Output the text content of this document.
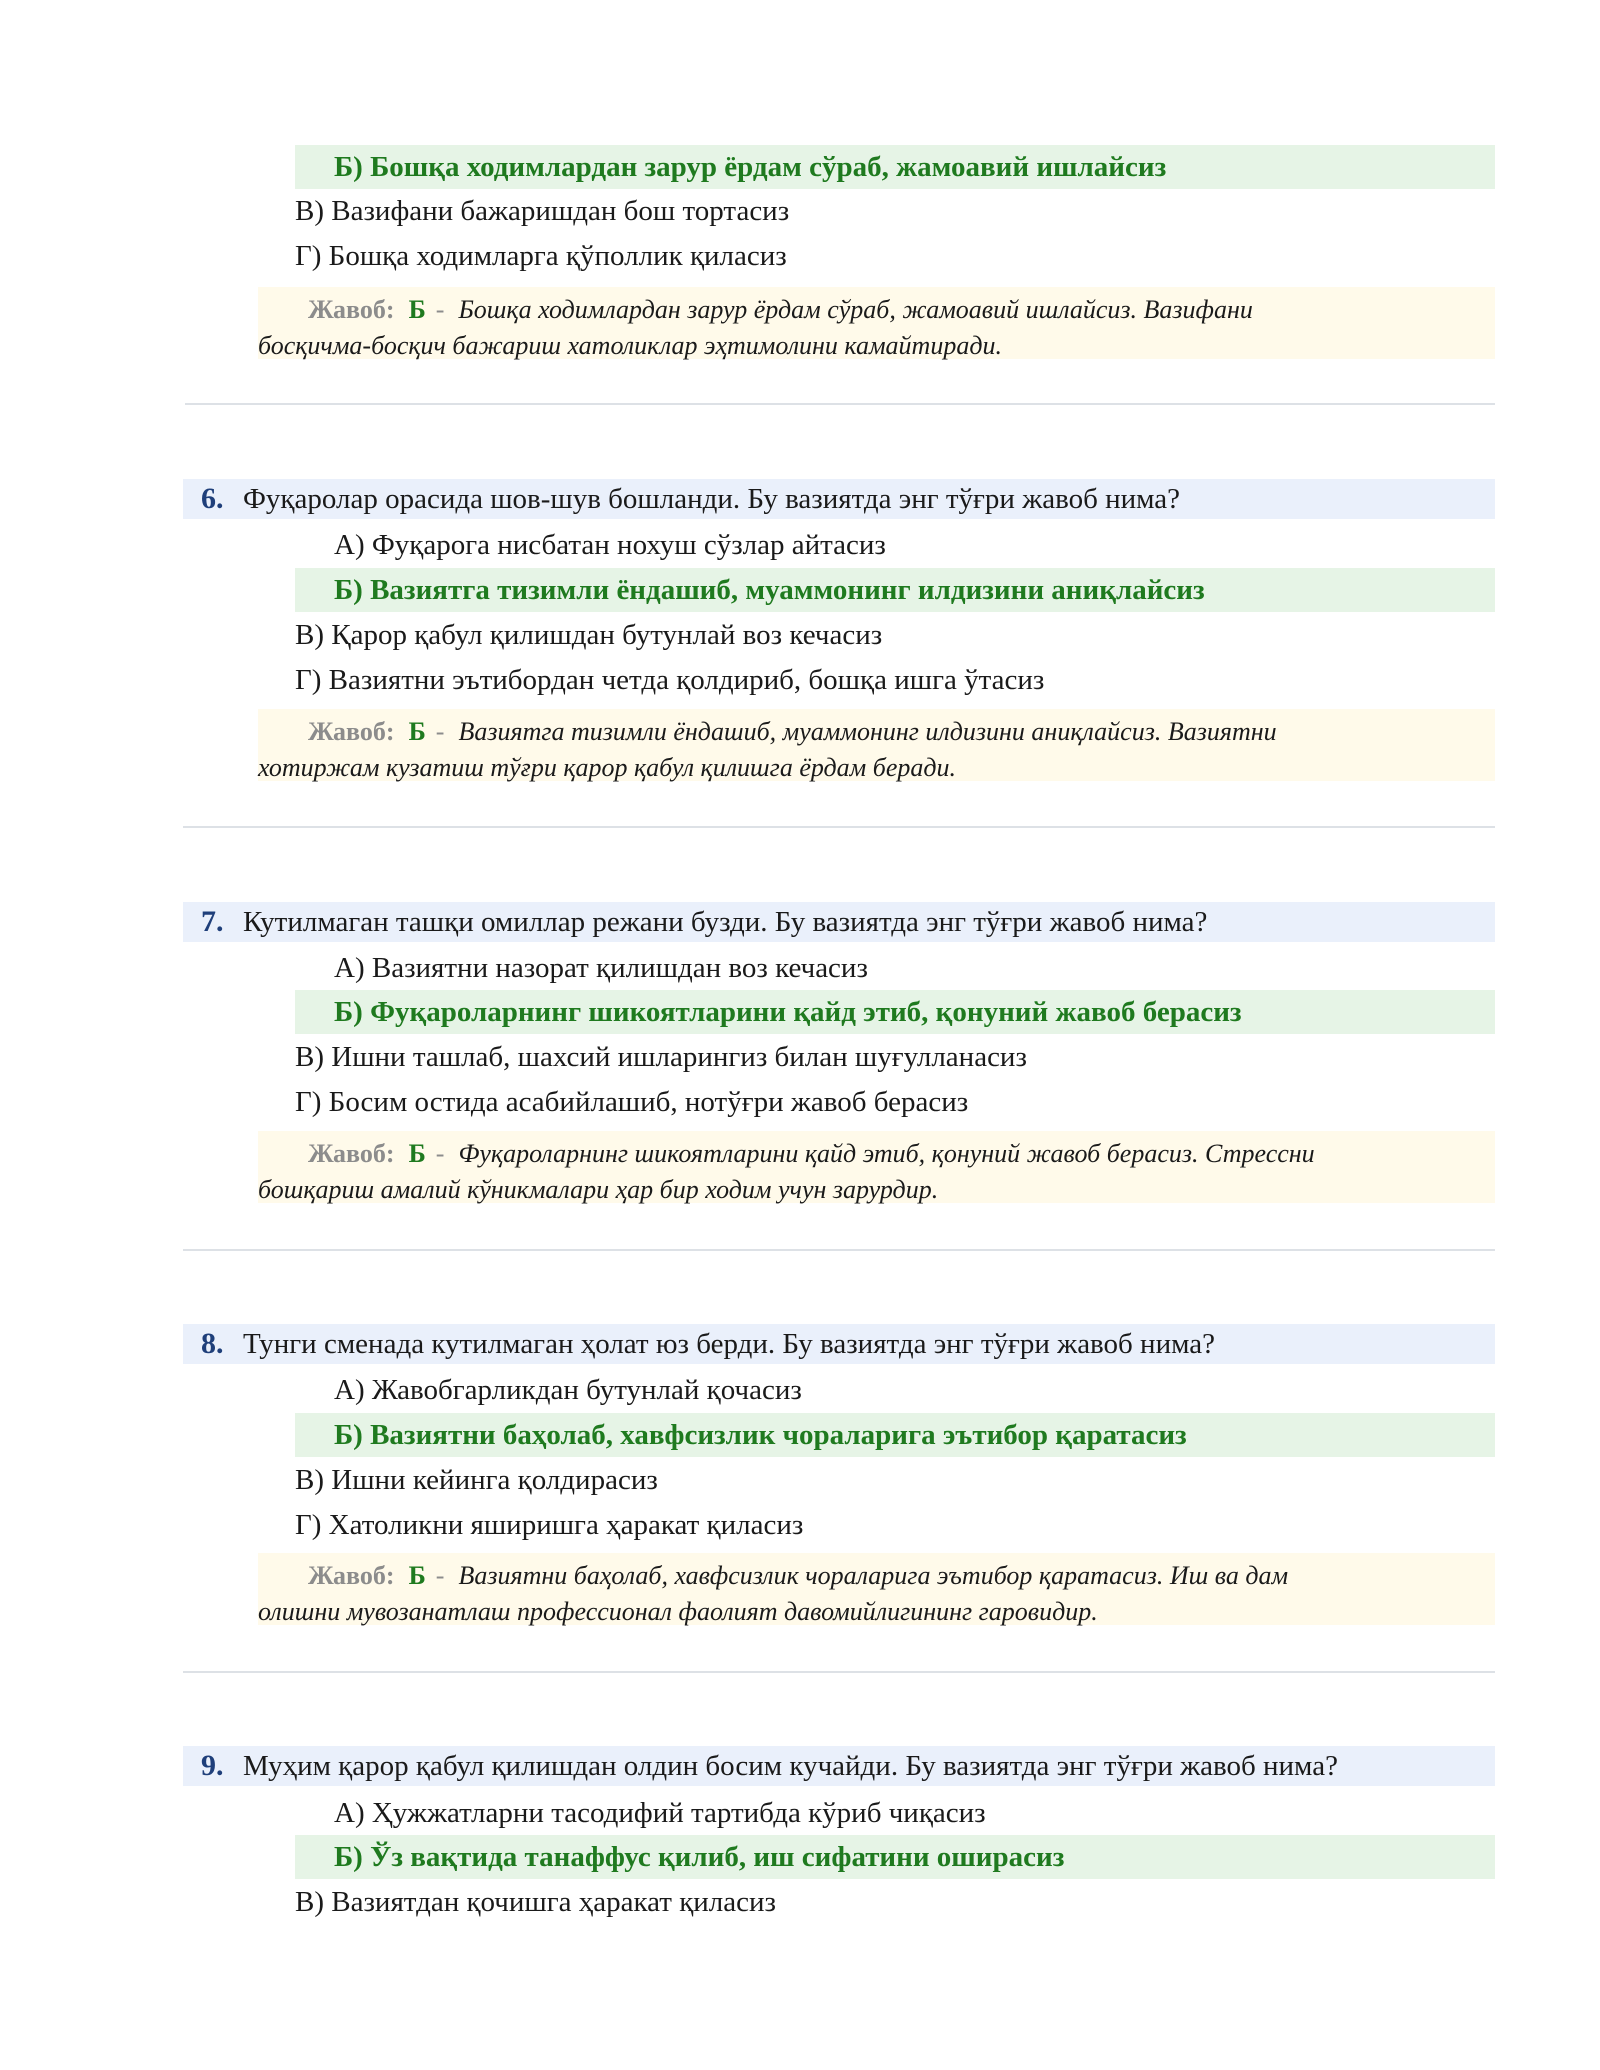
Б) Бошқа ходимлардан зарур ёрдам сўраб, жамоавий ишлайсиз
В) Вазифани бажаришдан бош тортасиз
Г) Бошқа ходимларга қўполлик қиласиз
Жавоб: Б - Бошқа ходимлардан зарур ёрдам сўраб, жамоавий ишлайсиз. Вазифани
босқичма-босқич бажариш хатоликлар эҳтимолини камайтиради.
6. Фуқаролар орасида шов-шув бошланди. Бу вазиятда энг тўғри жавоб нима?
А) Фуқарога нисбатан нохуш сўзлар айтасиз
Б) Вазиятга тизимли ёндашиб, муаммонинг илдизини аниқлайсиз
В) Қарор қабул қилишдан бутунлай воз кечасиз
Г) Вазиятни эътибордан четда қолдириб, бошқа ишга ўтасиз
Жавоб: Б - Вазиятга тизимли ёндашиб, муаммонинг илдизини аниқлайсиз. Вазиятни
хотиржам кузатиш тўғри қарор қабул қилишга ёрдам беради.
7. Кутилмаган ташқи омиллар режани бузди. Бу вазиятда энг тўғри жавоб нима?
А) Вазиятни назорат қилишдан воз кечасиз
Б) Фуқароларнинг шикоятларини қайд этиб, қонуний жавоб берасиз
В) Ишни ташлаб, шахсий ишларингиз билан шуғулланасиз
Г) Босим остида асабийлашиб, нотўғри жавоб берасиз
Жавоб: Б - Фуқароларнинг шикоятларини қайд этиб, қонуний жавоб берасиз. Стрессни
бошқариш амалий кўникмалари ҳар бир ходим учун зарурдир.
8. Тунги сменада кутилмаган ҳолат юз берди. Бу вазиятда энг тўғри жавоб нима?
А) Жавобгарликдан бутунлай қочасиз
Б) Вазиятни баҳолаб, хавфсизлик чораларига эътибор қаратасиз
В) Ишни кейинга қолдирасиз
Г) Хатоликни яширишга ҳаракат қиласиз
Жавоб: Б - Вазиятни баҳолаб, хавфсизлик чораларига эътибор қаратасиз. Иш ва дам
олишни мувозанатлаш профессионал фаолият давомийлигининг гаровидир.
9. Муҳим қарор қабул қилишдан олдин босим кучайди. Бу вазиятда энг тўғри жавоб нима?
А) Ҳужжатларни тасодифий тартибда кўриб чиқасиз
Б) Ўз вақтида танаффус қилиб, иш сифатини оширасиз
В) Вазиятдан қочишга ҳаракат қиласиз
